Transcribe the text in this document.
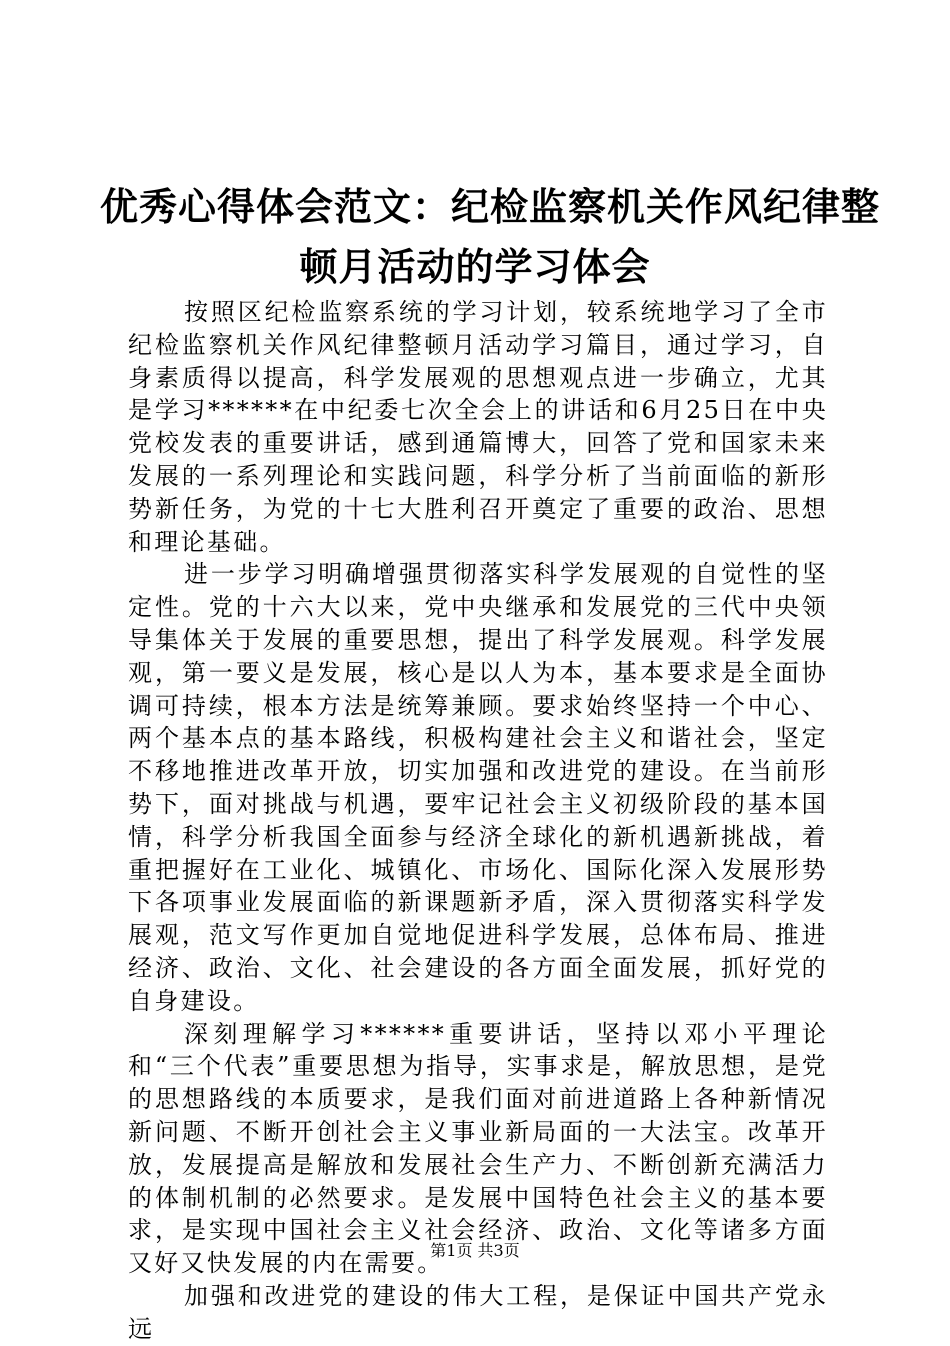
优秀心得体会范文：纪检监察机关作风纪律整
顿月活动的学习体会

按照区纪检监察系统的学习计划，较系统地学习了全市纪检监察机关作风纪律整顿月活动学习篇目，通过学习，自身素质得以提高，科学发展观的思想观点进一步确立，尤其是学习******在中纪委七次全会上的讲话和6月25日在中央党校发表的重要讲话，感到通篇博大，回答了党和国家未来发展的一系列理论和实践问题，科学分析了当前面临的新形势新任务，为党的十七大胜利召开奠定了重要的政治、思想和理论基础。

进一步学习明确增强贯彻落实科学发展观的自觉性的坚定性。党的十六大以来，党中央继承和发展党的三代中央领导集体关于发展的重要思想，提出了科学发展观。科学发展观，第一要义是发展，核心是以人为本，基本要求是全面协调可持续，根本方法是统筹兼顾。要求始终坚持一个中心、两个基本点的基本路线，积极构建社会主义和谐社会，坚定不移地推进改革开放，切实加强和改进党的建设。在当前形势下，面对挑战与机遇，要牢记社会主义初级阶段的基本国情，科学分析我国全面参与经济全球化的新机遇新挑战，着重把握好在工业化、城镇化、市场化、国际化深入发展形势下各项事业发展面临的新课题新矛盾，深入贯彻落实科学发展观，范文写作更加自觉地促进科学发展，总体布局、推进经济、政治、文化、社会建设的各方面全面发展，抓好党的自身建设。

深刻理解学习******重要讲话，坚持以邓小平理论和“三个代表”重要思想为指导，实事求是，解放思想，是党的思想路线的本质要求，是我们面对前进道路上各种新情况新问题、不断开创社会主义事业新局面的一大法宝。改革开放，发展提高是解放和发展社会生产力、不断创新充满活力的体制机制的必然要求。是发展中国特色社会主义的基本要求，是实现中国社会主义社会经济、政治、文化等诸多方面又好又快发展的内在需要。

加强和改进党的建设的伟大工程，是保证中国共产党永远

第1页 共3页
